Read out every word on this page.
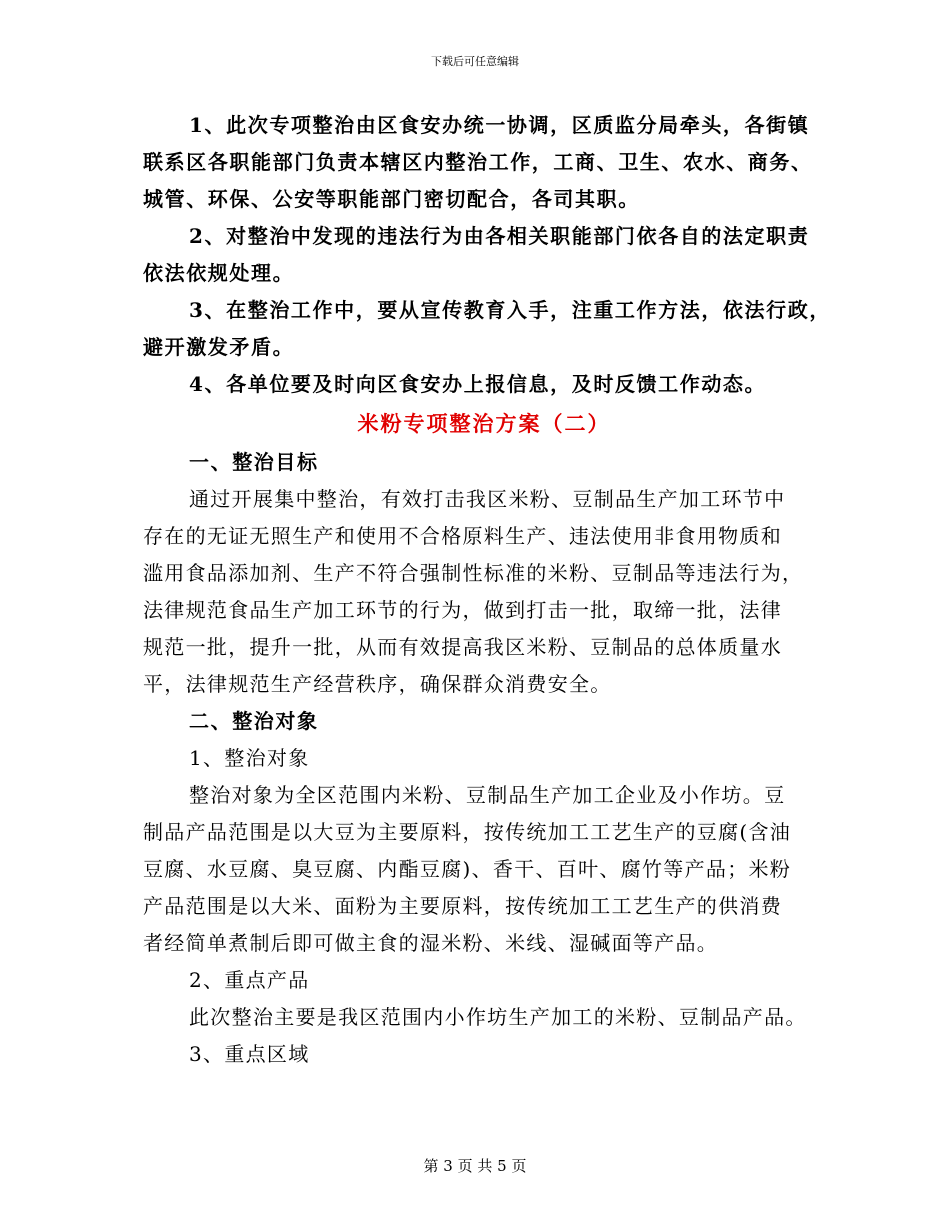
下载后可任意编辑

1、此次专项整治由区食安办统一协调，区质监分局牵头，各街镇
联系区各职能部门负责本辖区内整治工作，工商、卫生、农水、商务、
城管、环保、公安等职能部门密切配合，各司其职。

2、对整治中发现的违法行为由各相关职能部门依各自的法定职责
依法依规处理。

3、在整治工作中，要从宣传教育入手，注重工作方法，依法行政，
避开激发矛盾。

4、各单位要及时向区食安办上报信息，及时反馈工作动态。

米粉专项整治方案（二）

一、整治目标

通过开展集中整治，有效打击我区米粉、豆制品生产加工环节中
存在的无证无照生产和使用不合格原料生产、违法使用非食用物质和
滥用食品添加剂、生产不符合强制性标准的米粉、豆制品等违法行为，
法律规范食品生产加工环节的行为，做到打击一批，取缔一批，法律
规范一批，提升一批，从而有效提高我区米粉、豆制品的总体质量水
平，法律规范生产经营秩序，确保群众消费安全。

二、整治对象

1、整治对象

整治对象为全区范围内米粉、豆制品生产加工企业及小作坊。豆
制品产品范围是以大豆为主要原料，按传统加工工艺生产的豆腐(含油
豆腐、水豆腐、臭豆腐、内酯豆腐)、香干、百叶、腐竹等产品；米粉
产品范围是以大米、面粉为主要原料，按传统加工工艺生产的供消费
者经简单煮制后即可做主食的湿米粉、米线、湿碱面等产品。

2、重点产品

此次整治主要是我区范围内小作坊生产加工的米粉、豆制品产品。

3、重点区域

第 3 页 共 5 页
